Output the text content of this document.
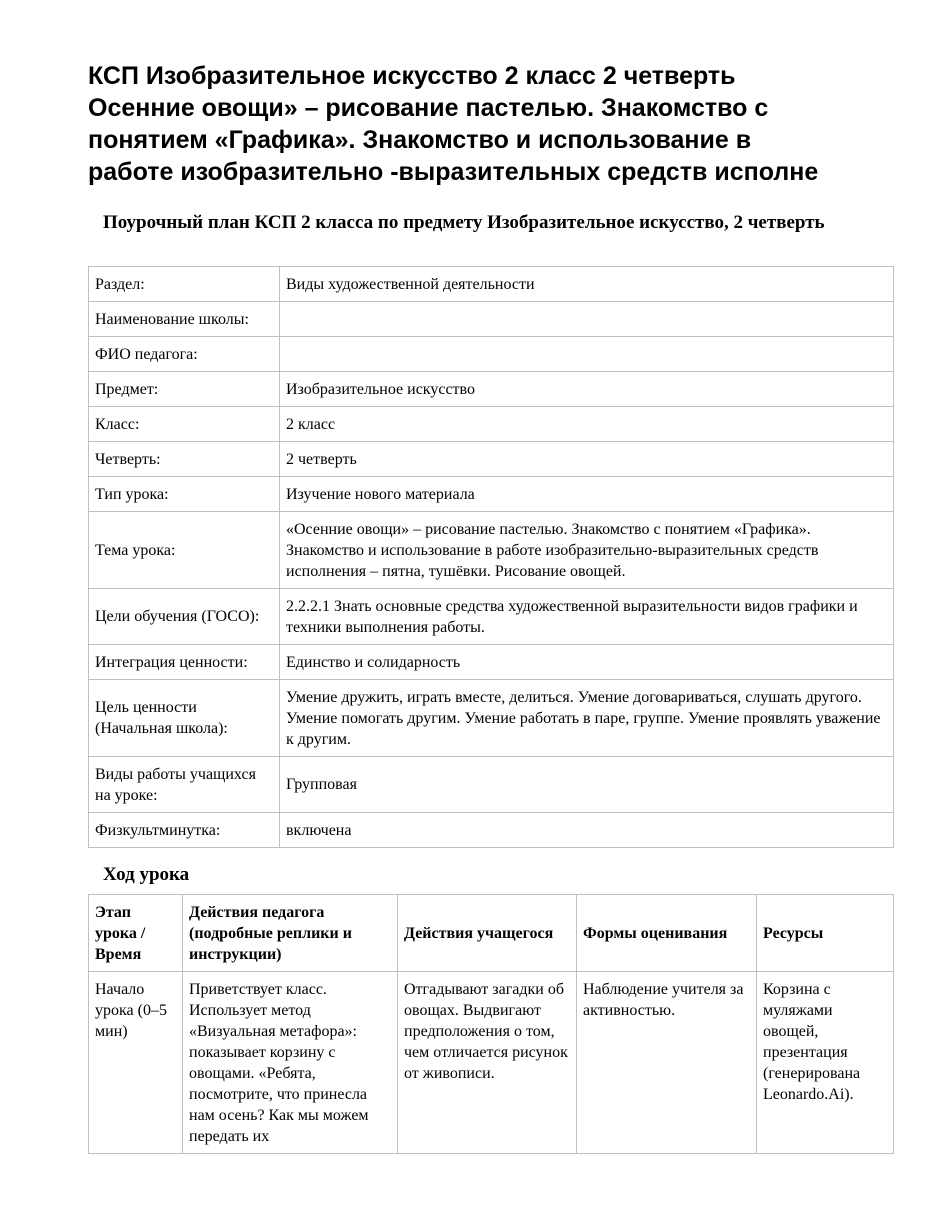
КСП Изобразительное искусство 2 класс 2 четверть
Осенние овощи» – рисование пастелью. Знакомство с
понятием «Графика». Знакомство и использование в
работе изобразительно -выразительных средств исполне
Поурочный план КСП 2 класса по предмету Изобразительное искусство, 2 четверть
Раздел:	Виды художественной деятельности
Наименование школы:	
ФИО педагога:	
Предмет:	Изобразительное искусство
Класс:	2 класс
Четверть:	2 четверть
Тип урока:	Изучение нового материала
Тема урока:	«Осенние овощи» – рисование пастелью. Знакомство с понятием «Графика». Знакомство и использование в работе изобразительно-выразительных средств исполнения – пятна, тушёвки. Рисование овощей.
Цели обучения (ГОСО):	2.2.2.1 Знать основные средства художественной выразительности видов графики и техники выполнения работы.
Интеграция ценности:	Единство и солидарность
Цель ценности (Начальная школа):	Умение дружить, играть вместе, делиться. Умение договариваться, слушать другого. Умение помогать другим. Умение работать в паре, группе. Умение проявлять уважение к другим.
Виды работы учащихся на уроке:	Групповая
Физкультминутка:	включена
Ход урока
Этап урока / Время	Действия педагога (подробные реплики и инструкции)	Действия учащегося	Формы оценивания	Ресурсы
Начало урока (0–5 мин)	Приветствует класс. Использует метод «Визуальная метафора»: показывает корзину с овощами. «Ребята, посмотрите, что принесла нам осень? Как мы можем передать их	Отгадывают загадки об овощах. Выдвигают предположения о том, чем отличается рисунок от живописи.	Наблюдение учителя за активностью.	Корзина с муляжами овощей, презентация (генерирована Leonardo.Ai).
